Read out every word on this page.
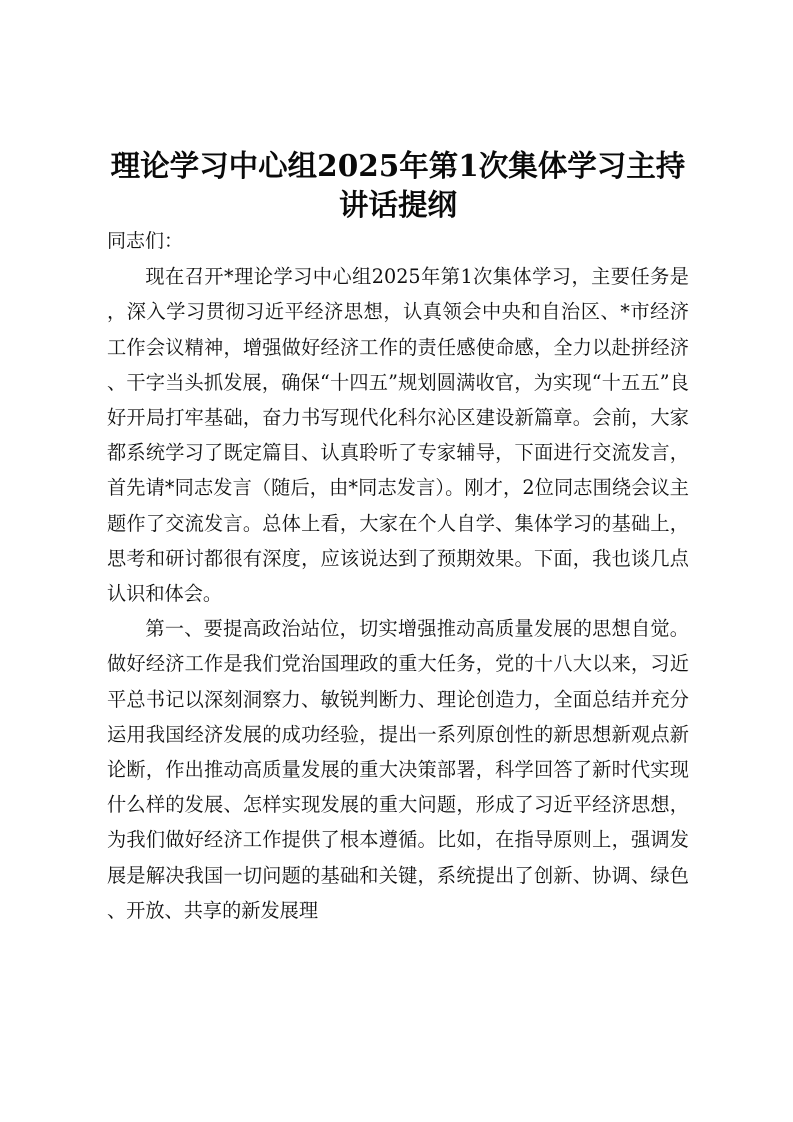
理论学习中心组2025年第1次集体学习主持讲话提纲

同志们：

现在召开*理论学习中心组2025年第1次集体学习，主要任务是，深入学习贯彻习近平经济思想，认真领会中央和自治区、*市经济工作会议精神，增强做好经济工作的责任感使命感，全力以赴拼经济、干字当头抓发展，确保“十四五”规划圆满收官，为实现“十五五”良好开局打牢基础，奋力书写现代化科尔沁区建设新篇章。会前，大家都系统学习了既定篇目、认真聆听了专家辅导，下面进行交流发言，首先请*同志发言（随后，由*同志发言）。刚才，2位同志围绕会议主题作了交流发言。总体上看，大家在个人自学、集体学习的基础上，思考和研讨都很有深度，应该说达到了预期效果。下面，我也谈几点认识和体会。

第一、要提高政治站位，切实增强推动高质量发展的思想自觉。做好经济工作是我们党治国理政的重大任务，党的十八大以来，习近平总书记以深刻洞察力、敏锐判断力、理论创造力，全面总结并充分运用我国经济发展的成功经验，提出一系列原创性的新思想新观点新论断，作出推动高质量发展的重大决策部署，科学回答了新时代实现什么样的发展、怎样实现发展的重大问题，形成了习近平经济思想，为我们做好经济工作提供了根本遵循。比如，在指导原则上，强调发展是解决我国一切问题的基础和关键，系统提出了创新、协调、绿色、开放、共享的新发展理
